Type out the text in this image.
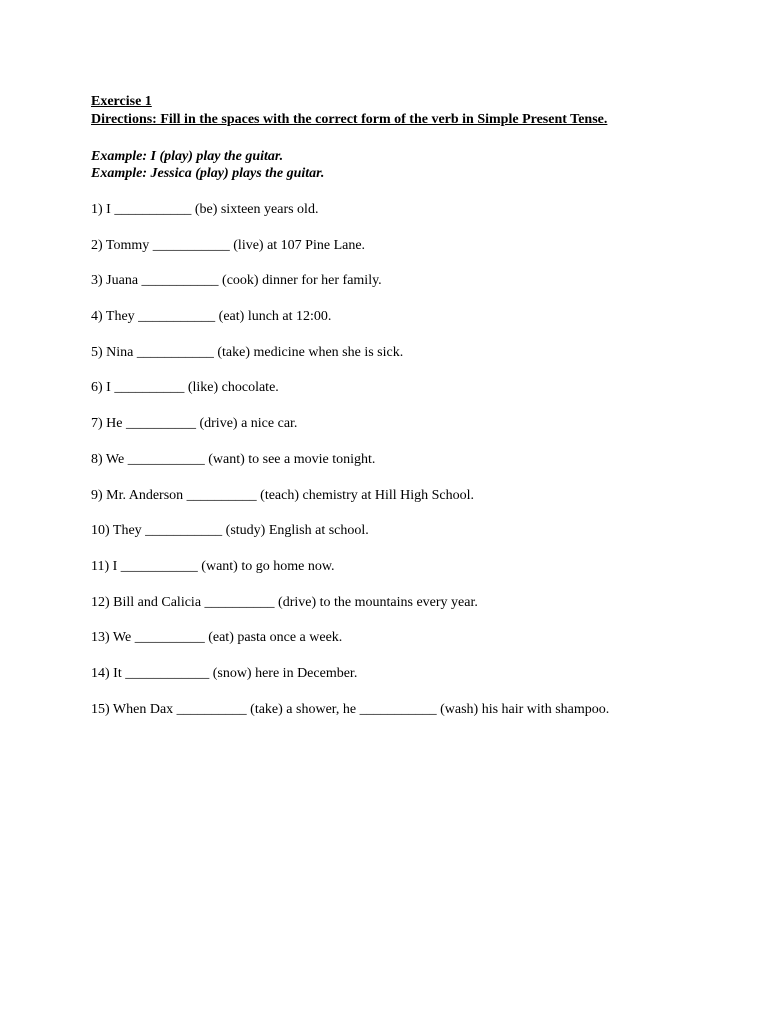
Exercise 1
Directions: Fill in the spaces with the correct form of the verb in Simple Present Tense.
Example: I (play) play the guitar.
Example: Jessica (play) plays the guitar.
1) I ___________ (be) sixteen years old.
2) Tommy ___________ (live) at 107 Pine Lane.
3) Juana ___________ (cook) dinner for her family.
4) They ___________ (eat) lunch at 12:00.
5) Nina ___________ (take) medicine when she is sick.
6) I __________ (like) chocolate.
7) He __________ (drive) a nice car.
8) We ___________ (want) to see a movie tonight.
9) Mr. Anderson __________ (teach) chemistry at Hill High School.
10) They ___________ (study) English at school.
11) I ___________ (want) to go home now.
12) Bill and Calicia __________ (drive) to the mountains every year.
13) We __________ (eat) pasta once a week.
14) It ____________ (snow) here in December.
15) When Dax __________ (take) a shower, he ___________ (wash) his hair with shampoo.
